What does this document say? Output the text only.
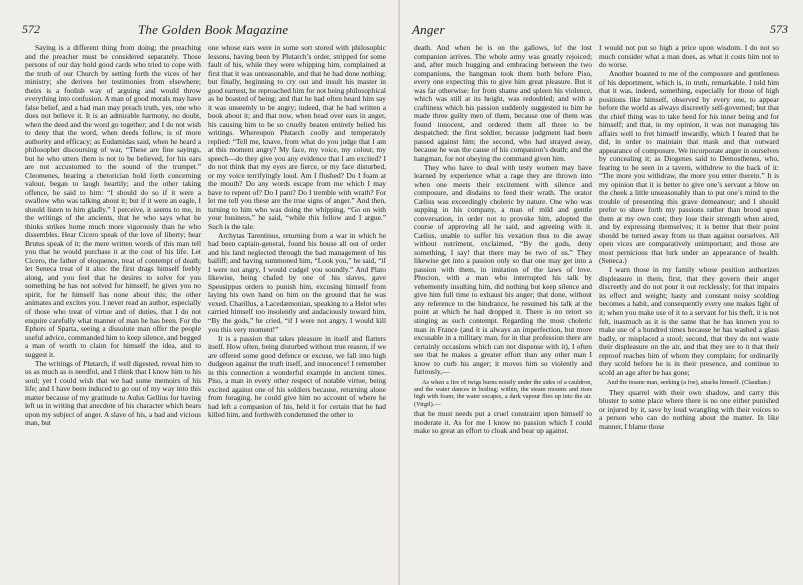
572	The Golden Book Magazine

Saying is a different thing from doing; the preaching and the preacher must be considered separately. Those persons of our day hold good cards who tried to cope with the truth of our Church by setting forth the vices of her ministry; she derives her testimonies from elsewhere; theirs is a foolish way of arguing and would throw everything into confusion. A man of good morals may have false belief, and a bad man may preach truth, yes, one who does not believe it. It is an admirable harmony, no doubt, when the deed and the word go together; and I do not wish to deny that the word, when deeds follow, is of more authority and efficacy; as Eudamidas said, when he heard a philosopher discoursing of war, “These are fine sayings, but he who utters them is not to be believed, for his ears are not accustomed to the sound of the trumpet.” Cleomenes, hearing a rhetorician hold forth concerning valour, began to laugh heartily; and the other taking offence, he said to him: “I should do so if it were a swallow who was talking about it; but if it were an eagle, I should listen to him gladly.” I perceive, it seems to me, in the writings of the ancients, that he who says what he thinks strikes home much more vigorously than he who dissembles. Hear Cicero speak of the love of liberty; hear Brutus speak of it; the mere written words of this man tell you that he would purchase it at the cost of his life. Let Cicero, the father of eloquence, treat of contempt of death; let Seneca treat of it also: the first drags himself feebly along, and you feel that he desires to solve for you something he has not solved for himself; he gives you no spirit, for he himself has none about this; the other animates and excites you. I never read an author, especially of those who treat of virtue and of duties, that I do not enquire carefully what manner of man he has been. For the Ephors of Sparta, seeing a dissolute man offer the people useful advice, commanded him to keep silence, and begged a man of worth to claim for himself the idea, and to suggest it.

The writings of Plutarch, if well digested, reveal him to us as much as is needful, and I think that I know him to his soul; yet I could wish that we had some memoirs of his life; and I have been induced to go out of my way into this matter because of my gratitude to Aulus Gellius for having left us in writing that anecdote of his character which bears upon my subject of anger. A slave of his, a bad and vicious man, but

one whose ears were in some sort stored with philosophic lessons, having been by Plutarch’s order, stripped for some fault of his, while they were whipping him, complained at first that it was unreasonable, and that he had done nothing; but finally, beginning to cry out and insult his master in good earnest, he reproached him for not being philosophical as he boasted of being; and that he had often heard him say it was unseemly to be angry; indeed, that he had written a book about it; and that now, when head over ears in anger, his causing him to be so cruelly beaten entirely belied his writings. Whereupon Plutarch coolly and temperately replied: “Tell me, knave, from what do you judge that I am at this moment angry? My face, my voice, my colour, my speech—do they give you any evidence that I am excited? I do not think that my eyes are fierce, or my face disturbed, or my voice terrifyingly loud. Am I flushed? Do I foam at the mouth? Do any words escape from me which I may have to repent of? Do I pant? Do I tremble with wrath? For let me tell you these are the true signs of anger.” And then, turning to him who was doing the whipping, “Go on with your business,” he said, “while this fellow and I argue.” Such is the tale.

Archytas Tarentinus, returning from a war in which he had been captain-general, found his house all out of order and his land neglected through the bad management of his bailiff; and having summoned him, “Look you,” he said, “if I were not angry, I would cudgel you soundly.” And Plato likewise, being chafed by one of his slaves, gave Speusippus orders to punish him, excusing himself from laying his own hand on him on the ground that he was vexed. Charillus, a Lacedæmonian, speaking to a Helot who carried himself too insolently and audaciously toward him, “By the gods,” he cried, “if I were not angry, I would kill you this very moment!”

It is a passion that takes pleasure in itself and flatters itself. How often, being disturbed without true reason, if we are offered some good defence or excuse, we fall into high dudgeon against the truth itself, and innocence! I remember in this connection a wonderful example in ancient times. Piso, a man in every other respect of notable virtue, being excited against one of his soldiers because, returning alone from foraging, he could give him no account of where he had left a companion of his, held it for certain that he had killed him, and forthwith condemned the other to

Anger	573

death. And when he is on the gallows, lo! the lost companion arrives. The whole army was greatly rejoiced; and, after much hugging and embracing between the two companions, the hangman took them both before Piso, every one expecting this to give him great pleasure. But it was far otherwise: for from shame and spleen his violence, which was still at its height, was redoubled; and with a craftiness which his passion suddenly suggested to him he made three guilty men of them, because one of them was found innocent, and ordered them all three to be despatched: the first soldier, because judgment had been passed against him; the second, who had strayed away, because he was the cause of his companion’s death; and the hangman, for not obeying the command given him.

They who have to deal with testy women may have learned by experience what a rage they are thrown into when one meets their excitement with silence and composure, and disdains to feed their wrath. The orator Cælius was exceedingly choleric by nature. One who was supping in his company, a man of mild and gentle conversation, in order not to provoke him, adopted the course of approving all he said, and agreeing with it. Cælius, unable to suffer his vexation thus to die away without nutriment, exclaimed, “By the gods, deny something, I say! that there may be two of us.” They likewise get into a passion only so that one may get into a passion with them, in imitation of the laws of love. Phocion, with a man who interrupted his talk by vehemently insulting him, did nothing but keep silence and give him full time to exhaust his anger; that done, without any reference to the hindrance, he resumed his talk at the point at which he had dropped it. There is no retort so stinging as such contempt. Regarding the most choleric man in France (and it is always an imperfection, but more excusable in a military man, for in that profession there are certainly occasions which can not dispense with it), I often see that he makes a greater effort than any other man I know to curb his anger; it moves him so violently and furiously,—

As when a fire of twigs burns noisily under the sides of a cauldron, and the water dances in boiling; within, the steam mounts and rises high with foam; the water escapes, a dark vapour flies up into the air. (Virgil).—

that he must needs put a cruel constraint upon himself to moderate it. As for me I know no passion which I could make so great an effort to cloak and bear up against.

I would not put so high a price upon wisdom. I do not so much consider what a man does, as what it costs him not to do worse.

Another boasted to me of the composure and gentleness of his deportment, which is, in truth, remarkable. I told him that it was, indeed, something, especially for those of high positions like himself, observed by every one, to appear before the world as always discreetly self-governed; but that the chief thing was to take heed for his inner being and for himself; and that, in my opinion, it was not managing his affairs well to fret himself inwardly, which I feared that he did, in order to maintain that mask and that outward appearance of composure. We incorporate anger in ourselves by concealing it; as Diogenes said to Demosthenes, who, fearing to be seen in a tavern, withdrew to the back of it: “The more you withdraw, the more you enter therein.” It is my opinion that it is better to give one’s servant a blow on the cheek a little unseasonably than to put one’s mind to the trouble of presenting this grave demeanour; and I should prefer to show forth my passions rather than brood upon them at my own cost; they lose their strength when aired, and by expressing themselves; it is better that their point should be turned away from us than against ourselves. All open vices are comparatively unimportant; and those are most pernicious that lurk under an appearance of health. (Seneca.)

I warn those in my family whose position authorizes displeasure in them, first, that they govern their anger discreetly and do not pour it out recklessly; for that impairs its effect and weight; hasty and constant noisy scolding becomes a habit, and consequently every one makes light of it; when you make use of it to a servant for his theft, it is not felt, inasmuch as it is the same that he has known you to make use of a hundred times because he has washed a glass badly, or misplaced a stool; second, that they do not waste their displeasure on the air, and that they see to it that their reproof reaches him of whom they complain; for ordinarily they scold before he is in their presence, and continue to scold an age after he has gone;

And the insane man, seeking (a foe), attacks himself. (Claudian.)

They quarrel with their own shadow, and carry this bluster to some place where there is no one either punished or injured by it, save by loud wrangling with their voices to a person who can do nothing about the matter. In like manner, I blame those
